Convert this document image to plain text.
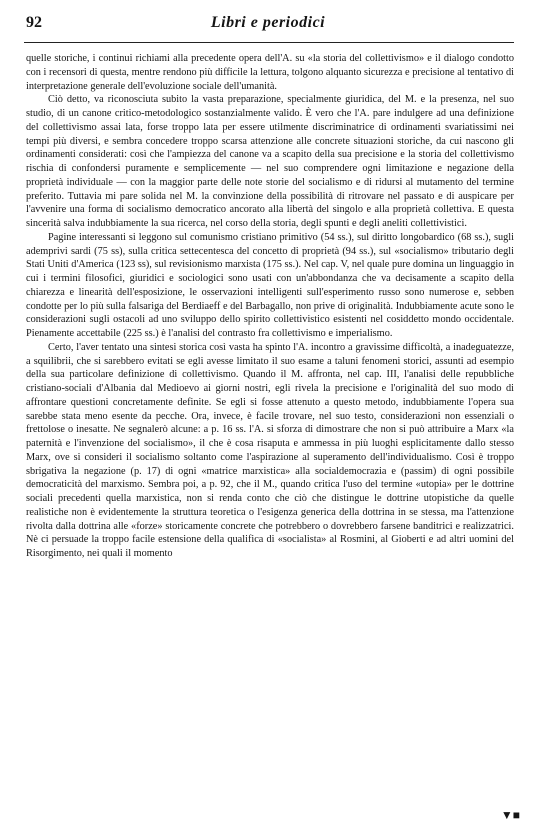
92	Libri e periodici

quelle storiche, i continui richiami alla precedente opera dell'A. su «la storia del collettivismo» e il dialogo condotto con i recensori di questa, mentre rendono più difficile la lettura, tolgono alquanto sicurezza e precisione al tentativo di interpretazione generale dell'evoluzione sociale dell'umanità.

Ciò detto, va riconosciuta subito la vasta preparazione, specialmente giuridica, del M. e la presenza, nel suo studio, di un canone critico-metodologico sostanzialmente valido. È vero che l'A. pare indulgere ad una definizione del collettivismo assai lata, forse troppo lata per essere utilmente discriminatrice di ordinamenti svariatissimi nei tempi più diversi, e sembra concedere troppo scarsa attenzione alle concrete situazioni storiche, da cui nascono gli ordinamenti considerati: così che l'ampiezza del canone va a scapito della sua precisione e la storia del collettivismo rischia di confondersi puramente e semplicemente — nel suo comprendere ogni limitazione e negazione della proprietà individuale — con la maggior parte delle note storie del socialismo e di ridursi al mutamento del termine preferito. Tuttavia mi pare solida nel M. la convinzione della possibilità di ritrovare nel passato e di auspicare per l'avvenire una forma di socialismo democratico ancorato alla libertà del singolo e alla proprietà collettiva. E questa sincerità salva indubbiamente la sua ricerca, nel corso della storia, degli spunti e degli aneliti collettivistici.

Pagine interessanti si leggono sul comunismo cristiano primitivo (54 ss.), sul diritto longobardico (68 ss.), sugli ademprivi sardi (75 ss), sulla critica settecentesca del concetto di proprietà (94 ss.), sul «socialismo» tributario degli Stati Uniti d'America (123 ss), sul revisionismo marxista (175 ss.). Nel cap. V, nel quale pure domina un linguaggio in cui i termini filosofici, giuridici e sociologici sono usati con un'abbondanza che va decisamente a scapito della chiarezza e linearità dell'esposizione, le osservazioni intelligenti sull'esperimento russo sono numerose e, sebben condotte per lo più sulla falsariga del Berdiaeff e del Barbagallo, non prive di originalità. Indubbiamente acute sono le considerazioni sugli ostacoli ad uno sviluppo dello spirito collettivistico esistenti nel cosiddetto mondo occidentale. Pienamente accettabile (225 ss.) è l'analisi del contrasto fra collettivismo e imperialismo.

Certo, l'aver tentato una sintesi storica così vasta ha spinto l'A. incontro a gravissime difficoltà, a inadeguatezze, a squilibrii, che si sarebbero evitati se egli avesse limitato il suo esame a taluni fenomeni storici, assunti ad esempio della sua particolare definizione di collettivismo. Quando il M. affronta, nel cap. III, l'analisi delle repubbliche cristiano-sociali d'Albania dal Medioevo ai giorni nostri, egli rivela la precisione e l'originalità del suo modo di affrontare questioni concretamente definite. Se egli si fosse attenuto a questo metodo, indubbiamente l'opera sua sarebbe stata meno esente da pecche. Ora, invece, è facile trovare, nel suo testo, considerazioni non essenziali o frettolose o inesatte. Ne segnalerò alcune: a p. 16 ss. l'A. si sforza di dimostrare che non si può attribuire a Marx «la paternità e l'invenzione del socialismo», il che è cosa risaputa e ammessa in più luoghi esplicitamente dallo stesso Marx, ove si consideri il socialismo soltanto come l'aspirazione al superamento dell'individualismo. Così è troppo sbrigativa la negazione (p. 17) di ogni «matrice marxistica» alla socialdemocrazia e (passim) di ogni possibile democraticità del marxismo. Sembra poi, a p. 92, che il M., quando critica l'uso del termine «utopia» per le dottrine sociali precedenti quella marxistica, non si renda conto che ciò che distingue le dottrine utopistiche da quelle realistiche non è evidentemente la struttura teoretica o l'esigenza generica della dottrina in se stessa, ma l'attenzione rivolta dalla dottrina alle «forze» storicamente concrete che potrebbero o dovrebbero farsene banditrici e realizzatrici. Nè ci persuade la troppo facile estensione della qualifica di «socialista» al Rosmini, al Gioberti e ad altri uomini del Risorgimento, nei quali il momento

▼■
